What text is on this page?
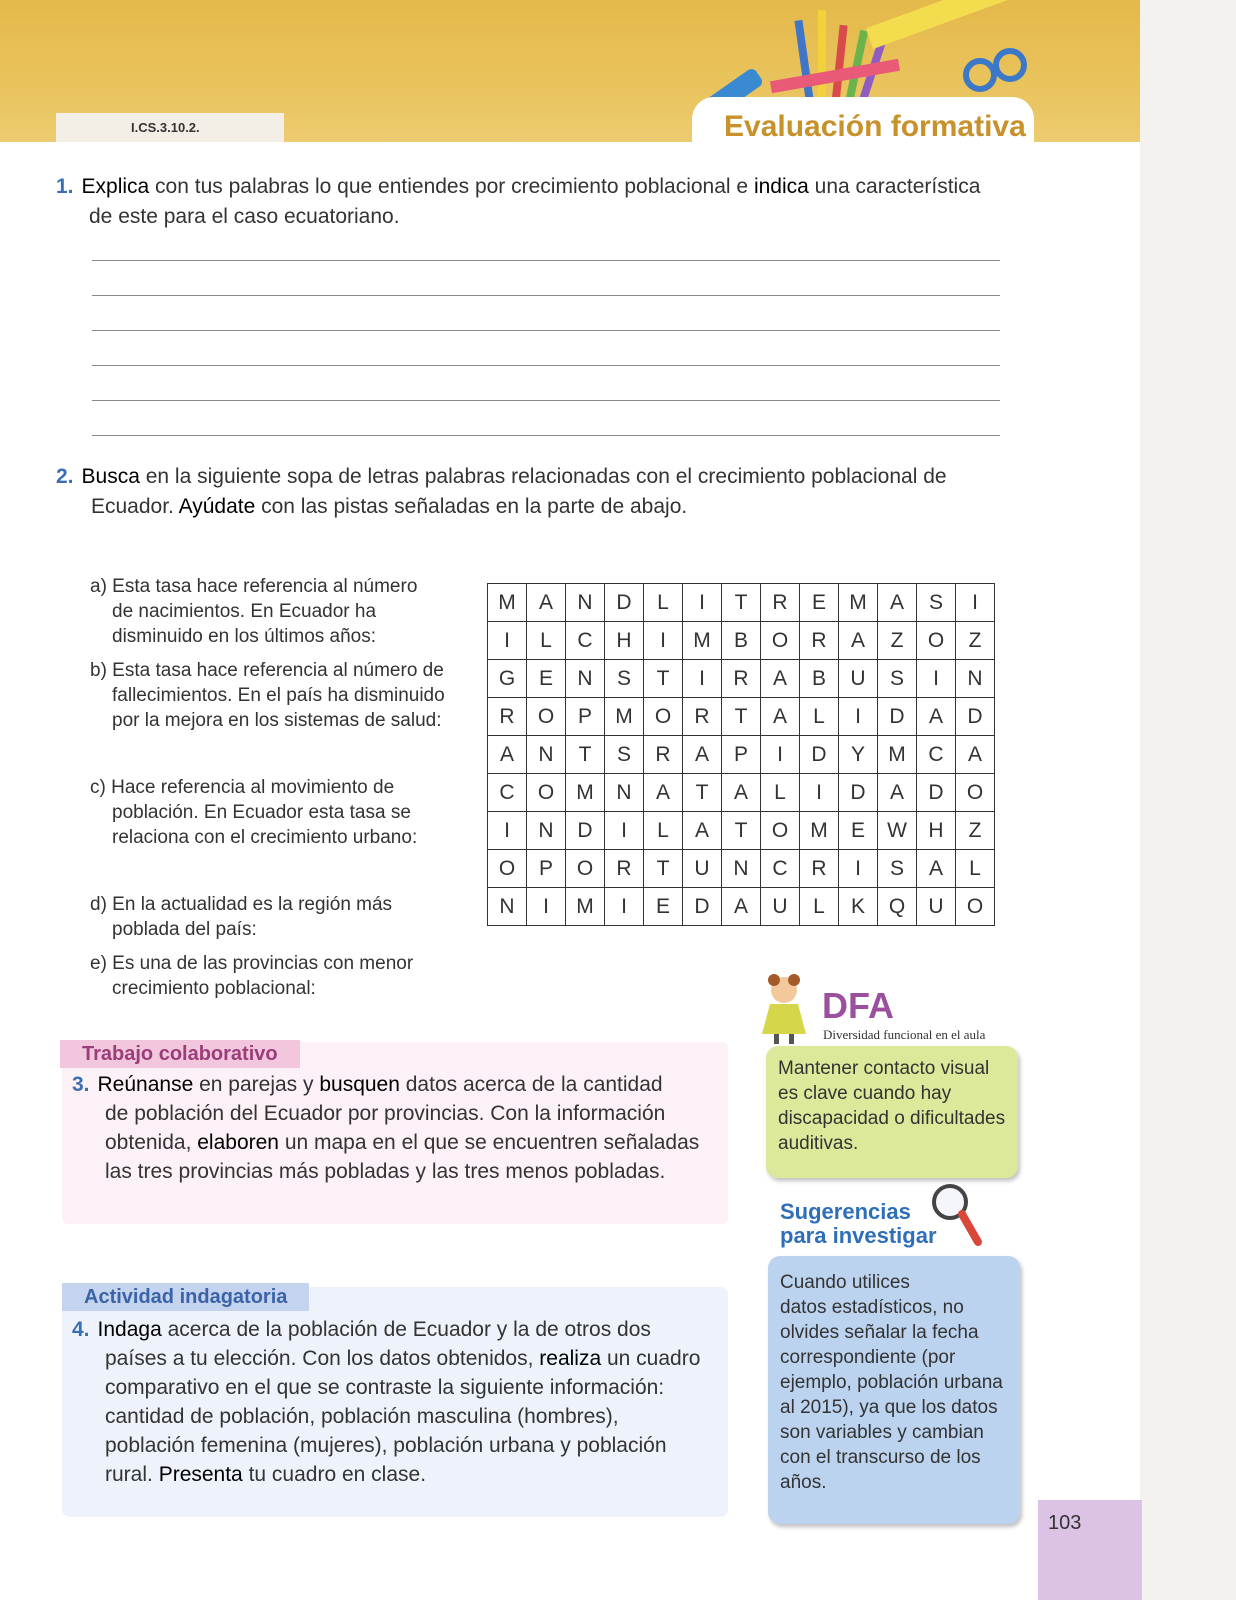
I.CS.3.10.2.	Evaluación formativa
1. Explica con tus palabras lo que entiendes por crecimiento poblacional e indica una característica
de este para el caso ecuatoriano.
2. Busca en la siguiente sopa de letras palabras relacionadas con el crecimiento poblacional de
Ecuador. Ayúdate con las pistas señaladas en la parte de abajo.
a) Esta tasa hace referencia al número
de nacimientos. En Ecuador ha
disminuido en los últimos años:
b) Esta tasa hace referencia al número de
fallecimientos. En el país ha disminuido
por la mejora en los sistemas de salud:
c) Hace referencia al movimiento de
población. En Ecuador esta tasa se
relaciona con el crecimiento urbano:
d) En la actualidad es la región más
poblada del país:
e) Es una de las provincias con menor
crecimiento poblacional:
M	A	N	D	L	I	T	R	E	M	A	S	I
I	L	C	H	I	M	B	O	R	A	Z	O	Z
G	E	N	S	T	I	R	A	B	U	S	I	N
R	O	P	M	O	R	T	A	L	I	D	A	D
A	N	T	S	R	A	P	I	D	Y	M	C	A
C	O	M	N	A	T	A	L	I	D	A	D	O
I	N	D	I	L	A	T	O	M	E	W	H	Z
O	P	O	R	T	U	N	C	R	I	S	A	L
N	I	M	I	E	D	A	U	L	K	Q	U	O
DFA
Diversidad funcional en el aula
Mantener contacto visual
es clave cuando hay
discapacidad o dificultades
auditivas.
Trabajo colaborativo
3. Reúnanse en parejas y busquen datos acerca de la cantidad
de población del Ecuador por provincias. Con la información
obtenida, elaboren un mapa en el que se encuentren señaladas
las tres provincias más pobladas y las tres menos pobladas.
Sugerencias
para investigar
Cuando utilices
datos estadísticos, no
olvides señalar la fecha
correspondiente (por
ejemplo, población urbana
al 2015), ya que los datos
son variables y cambian
con el transcurso de los
años.
Actividad indagatoria
4. Indaga acerca de la población de Ecuador y la de otros dos
países a tu elección. Con los datos obtenidos, realiza un cuadro
comparativo en el que se contraste la siguiente información:
cantidad de población, población masculina (hombres),
población femenina (mujeres), población urbana y población
rural. Presenta tu cuadro en clase.
103
